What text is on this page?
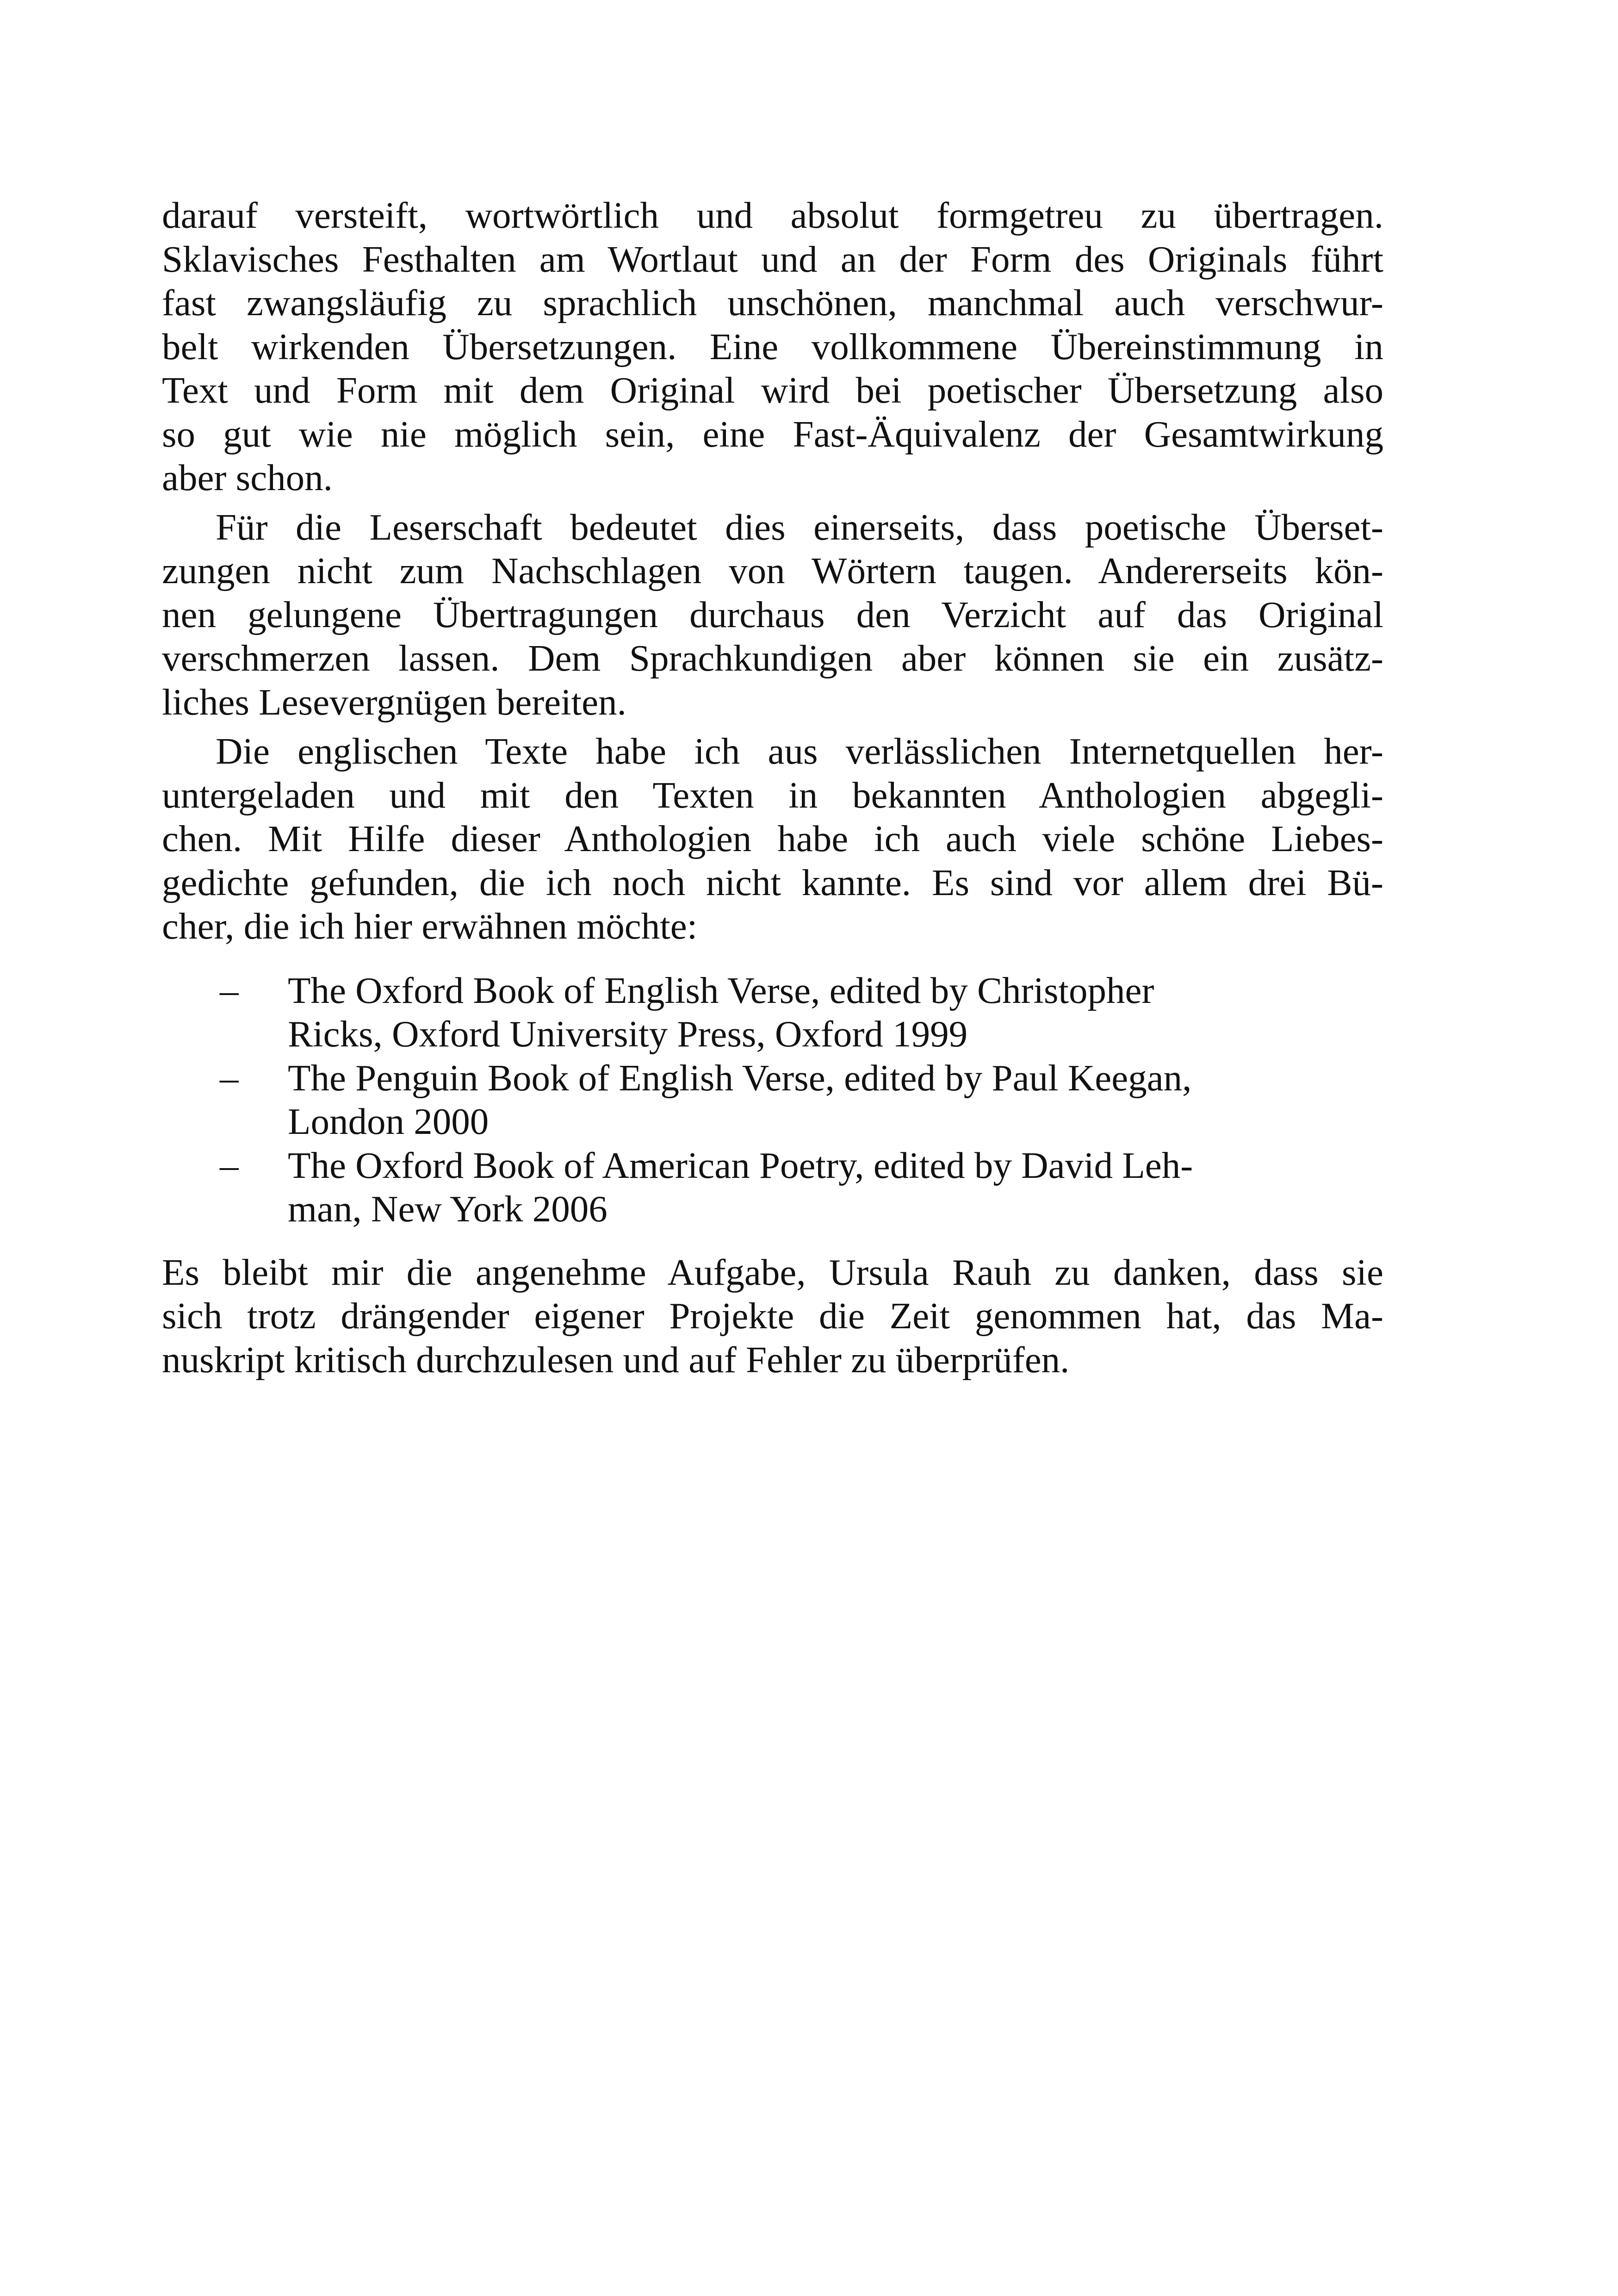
darauf versteift, wortwörtlich und absolut formgetreu zu übertragen.
Sklavisches Festhalten am Wortlaut und an der Form des Originals führt
fast zwangsläufig zu sprachlich unschönen, manchmal auch verschwur-
belt wirkenden Übersetzungen. Eine vollkommene Übereinstimmung in
Text und Form mit dem Original wird bei poetischer Übersetzung also
so gut wie nie möglich sein, eine Fast-Äquivalenz der Gesamtwirkung
aber schon.
Für die Leserschaft bedeutet dies einerseits, dass poetische Überset-
zungen nicht zum Nachschlagen von Wörtern taugen. Andererseits kön-
nen gelungene Übertragungen durchaus den Verzicht auf das Original
verschmerzen lassen. Dem Sprachkundigen aber können sie ein zusätz-
liches Lesevergnügen bereiten.
Die englischen Texte habe ich aus verlässlichen Internetquellen her-
untergeladen und mit den Texten in bekannten Anthologien abgegli-
chen. Mit Hilfe dieser Anthologien habe ich auch viele schöne Liebes-
gedichte gefunden, die ich noch nicht kannte. Es sind vor allem drei Bü-
cher, die ich hier erwähnen möchte:
– The Oxford Book of English Verse, edited by Christopher
Ricks, Oxford University Press, Oxford 1999
– The Penguin Book of English Verse, edited by Paul Keegan,
London 2000
– The Oxford Book of American Poetry, edited by David Leh-
man, New York 2006
Es bleibt mir die angenehme Aufgabe, Ursula Rauh zu danken, dass sie
sich trotz drängender eigener Projekte die Zeit genommen hat, das Ma-
nuskript kritisch durchzulesen und auf Fehler zu überprüfen.
